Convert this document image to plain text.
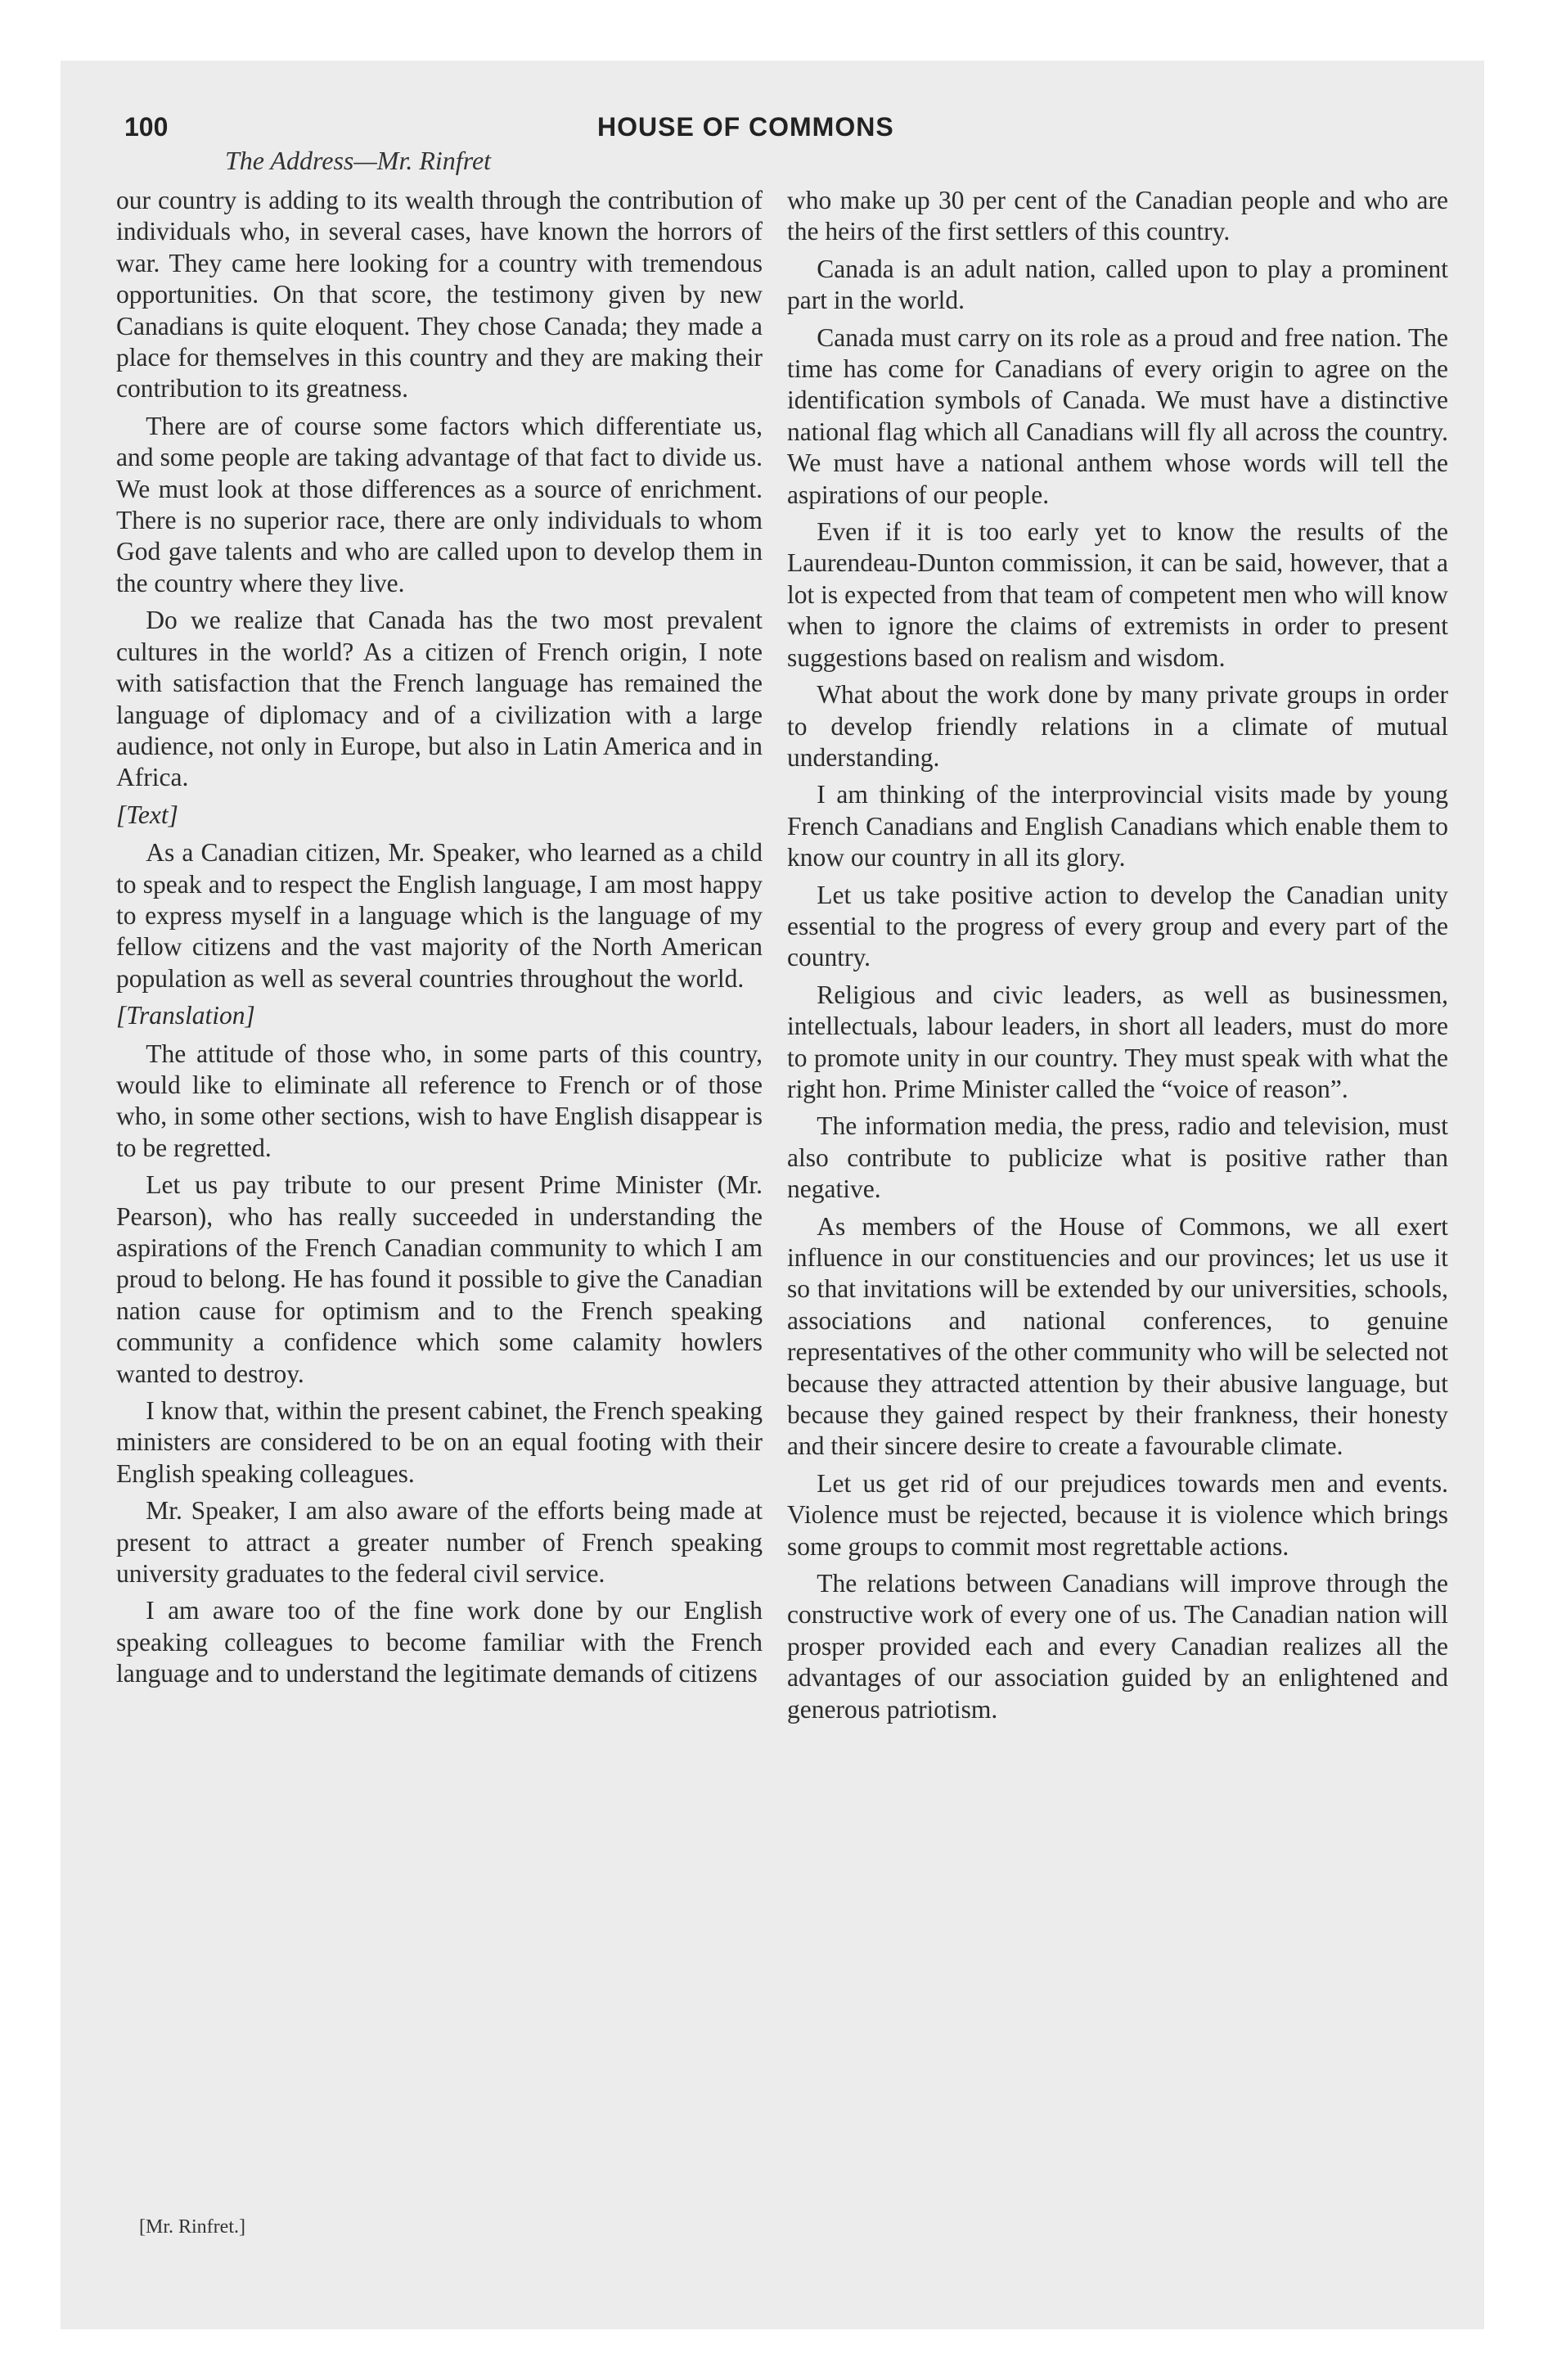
100	HOUSE OF COMMONS

The Address—Mr. Rinfret

our country is adding to its wealth through the contribution of individuals who, in several cases, have known the horrors of war. They came here looking for a country with tremendous opportunities. On that score, the testimony given by new Canadians is quite eloquent. They chose Canada; they made a place for themselves in this country and they are making their contribution to its greatness.

There are of course some factors which differentiate us, and some people are taking advantage of that fact to divide us. We must look at those differences as a source of enrichment. There is no superior race, there are only individuals to whom God gave talents and who are called upon to develop them in the country where they live.

Do we realize that Canada has the two most prevalent cultures in the world? As a citizen of French origin, I note with satisfaction that the French language has remained the language of diplomacy and of a civilization with a large audience, not only in Europe, but also in Latin America and in Africa.

[Text]

As a Canadian citizen, Mr. Speaker, who learned as a child to speak and to respect the English language, I am most happy to express myself in a language which is the language of my fellow citizens and the vast majority of the North American population as well as several countries throughout the world.

[Translation]

The attitude of those who, in some parts of this country, would like to eliminate all reference to French or of those who, in some other sections, wish to have English disappear is to be regretted.

Let us pay tribute to our present Prime Minister (Mr. Pearson), who has really succeeded in understanding the aspirations of the French Canadian community to which I am proud to belong. He has found it possible to give the Canadian nation cause for optimism and to the French speaking community a confidence which some calamity howlers wanted to destroy.

I know that, within the present cabinet, the French speaking ministers are considered to be on an equal footing with their English speaking colleagues.

Mr. Speaker, I am also aware of the efforts being made at present to attract a greater number of French speaking university graduates to the federal civil service.

I am aware too of the fine work done by our English speaking colleagues to become familiar with the French language and to understand the legitimate demands of citizens

who make up 30 per cent of the Canadian people and who are the heirs of the first settlers of this country.

Canada is an adult nation, called upon to play a prominent part in the world.

Canada must carry on its role as a proud and free nation. The time has come for Canadians of every origin to agree on the identification symbols of Canada. We must have a distinctive national flag which all Canadians will fly all across the country. We must have a national anthem whose words will tell the aspirations of our people.

Even if it is too early yet to know the results of the Laurendeau-Dunton commission, it can be said, however, that a lot is expected from that team of competent men who will know when to ignore the claims of extremists in order to present suggestions based on realism and wisdom.

What about the work done by many private groups in order to develop friendly relations in a climate of mutual understanding.

I am thinking of the interprovincial visits made by young French Canadians and English Canadians which enable them to know our country in all its glory.

Let us take positive action to develop the Canadian unity essential to the progress of every group and every part of the country.

Religious and civic leaders, as well as businessmen, intellectuals, labour leaders, in short all leaders, must do more to promote unity in our country. They must speak with what the right hon. Prime Minister called the “voice of reason”.

The information media, the press, radio and television, must also contribute to publicize what is positive rather than negative.

As members of the House of Commons, we all exert influence in our constituencies and our provinces; let us use it so that invitations will be extended by our universities, schools, associations and national conferences, to genuine representatives of the other community who will be selected not because they attracted attention by their abusive language, but because they gained respect by their frankness, their honesty and their sincere desire to create a favourable climate.

Let us get rid of our prejudices towards men and events. Violence must be rejected, because it is violence which brings some groups to commit most regrettable actions.

The relations between Canadians will improve through the constructive work of every one of us. The Canadian nation will prosper provided each and every Canadian realizes all the advantages of our association guided by an enlightened and generous patriotism.

[Mr. Rinfret.]
